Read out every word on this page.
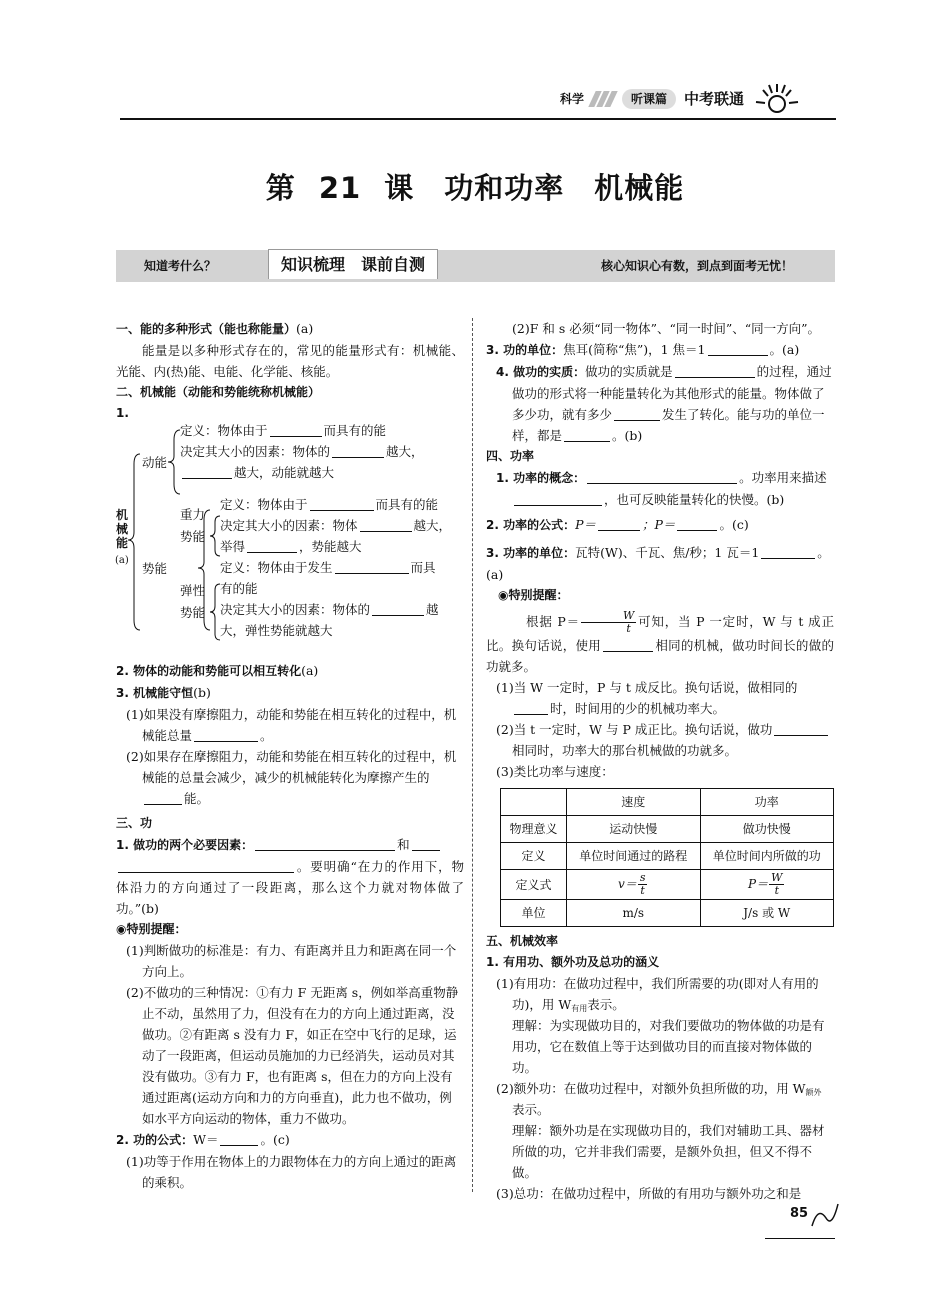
科学	听课篇	中考联通
第 21 课　功和功率　机械能
知道考什么？	知识梳理　课前自测	核心知识心有数，到点到面考无忧！
一、能的多种形式（能也称能量）(a)
能量是以多种形式存在的，常见的能量形式有：机械能、光能、内(热)能、电能、化学能、核能。
二、机械能（动能和势能统称机械能）
1.
机
械
能
(a)
动能
定义：物体由于	而具有的能
决定其大小的因素：物体的	越大，
越大，动能就越大
势能
重力
势能
定义：物体由于	而具有的能
决定其大小的因素：物体	越大，
举得	，势能越大
弹性
势能
定义：物体由于发生	而具
有的能
决定其大小的因素：物体的	越
大，弹性势能就越大
2. 物体的动能和势能可以相互转化(a)
3. 机械能守恒(b)
(1)如果没有摩擦阻力，动能和势能在相互转化的过程中，机械能总量	。
(2)如果存在摩擦阻力，动能和势能在相互转化的过程中，机械能的总量会减少，减少的机械能转化为摩擦产生的能。
三、功
1. 做功的两个必要因素：	和
。要明确“在力的作用下，物体沿力的方向通过了一段距离，那么这个力就对物体做了功。”(b)
◉特别提醒：
(1)判断做功的标准是：有力、有距离并且力和距离在同一个方向上。
(2)不做功的三种情况：①有力 F 无距离 s，例如举高重物静止不动，虽然用了力，但没有在力的方向上通过距离，没做功。②有距离 s 没有力 F，如正在空中飞行的足球，运动了一段距离，但运动员施加的力已经消失，运动员对其没有做功。③有力 F，也有距离 s，但在力的方向上没有通过距离(运动方向和力的方向垂直)，此力也不做功，例如水平方向运动的物体，重力不做功。
2. 功的公式：W＝	。(c)
(1)功等于作用在物体上的力跟物体在力的方向上通过的距离的乘积。
(2)F 和 s 必须“同一物体”、“同一时间”、“同一方向”。
3. 功的单位：焦耳(简称“焦”)，1 焦＝1	。(a)
4. 做功的实质：做功的实质就是	的过程，通过做功的形式将一种能量转化为其他形式的能量。物体做了多少功，就有多少	发生了转化。能与功的单位一样，都是	。(b)
四、功率
1. 功率的概念：	。功率用来描述，也可反映能量转化的快慢。(b)
2. 功率的公式：P＝	；P＝	。(c)
3. 功率的单位：瓦特(W)、千瓦、焦/秒；1 瓦＝1	。(a)
◉特别提醒：
根据 $P= \frac{W}{t}$ 可知，当 P 一定时，W 与 t 成正比。换句话说，使用	相同的机械，做功时间长的做的功就多。
(1)当 W 一定时，P 与 t 成反比。换句话说，做相同的时，时间用的少的机械功率大。
(2)当 t 一定时，W 与 P 成正比。换句话说，做功相同时，功率大的那台机械做的功就多。
(3)类比功率与速度：
	速度	功率
物理意义	运动快慢	做功快慢
定义	单位时间通过的路程	单位时间内所做的功
定义式	$v= \frac{s}{t}$	$P= \frac{W}{t}$

单位	m/s	J/s 或 W
五、机械效率
1. 有用功、额外功及总功的涵义
(1)有用功：在做功过程中，我们所需要的功(即对人有用的功)，用 $W_{有用}$表示。
理解：为实现做功目的，对我们要做功的物体做的功是有用功，它在数值上等于达到做功目的而直接对物体做的功。
(2)额外功：在做功过程中，对额外负担所做的功，用 $W_{额外}$表示。
理解：额外功是在实现做功目的，我们对辅助工具、器材所做的功，它并非我们需要，是额外负担，但又不得不做。
(3)总功：在做功过程中，所做的有用功与额外功之和是
85
